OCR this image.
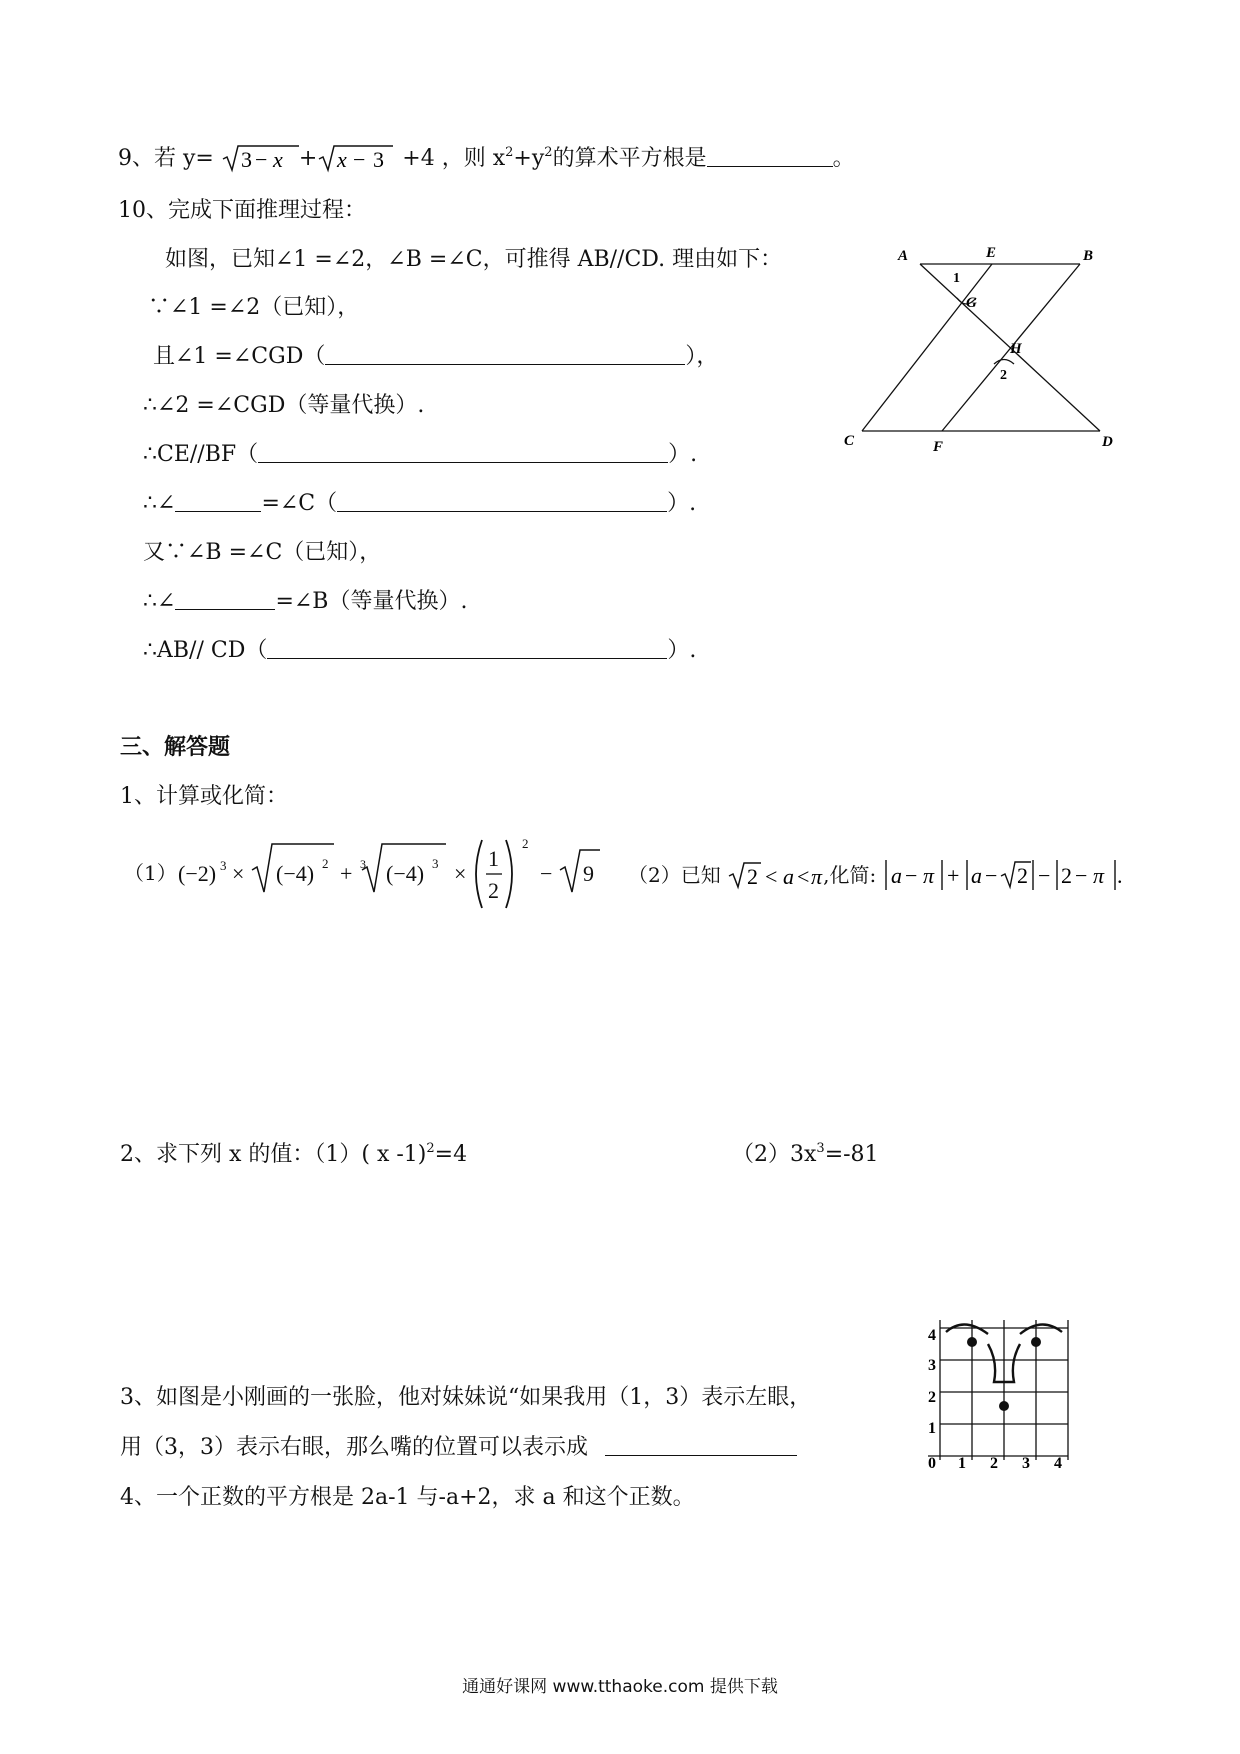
9、若 y= 3 − x + x − 3 +4 ，则 $x^2+y^2$的算术平方根是	。
10、完成下面推理过程：
如图，已知∠1 =∠2，∠B =∠C，可推得 AB//CD. 理由如下：
∵∠1 =∠2（已知），
且∠1 =∠CGD（	），
∴∠2 =∠CGD（等量代换）.
∴CE//BF（	）.
∴∠	=∠C（	）.
又∵∠B =∠C（已知），
∴∠	=∠B（等量代换）.
∴AB// CD（	）.
A	E	B
1
G
H
2
C	F	D
三、解答题
1、计算或化简：
（1） (−2) 3 × (−4) 2 + 3 (−4) 3 ×
1
2
2
− 9 （2）已知 2 < a < π ,化简: a − π + a − 2 − 2 − π .
2、求下列 x 的值：（1）( x -1)$^2$=4	$(2)3x^3=-81$
3、如图是小刚画的一张脸，他对妹妹说“如果我用（1，3）表示左眼，
用（3，3）表示右眼，那么嘴的位置可以表示成
4、一个正数的平方根是 2a-1 与-a+2，求 a 和这个正数。
4
3
2
1
0 1 2 3 4
通通好课网 www.tthaoke.com 提供下载
